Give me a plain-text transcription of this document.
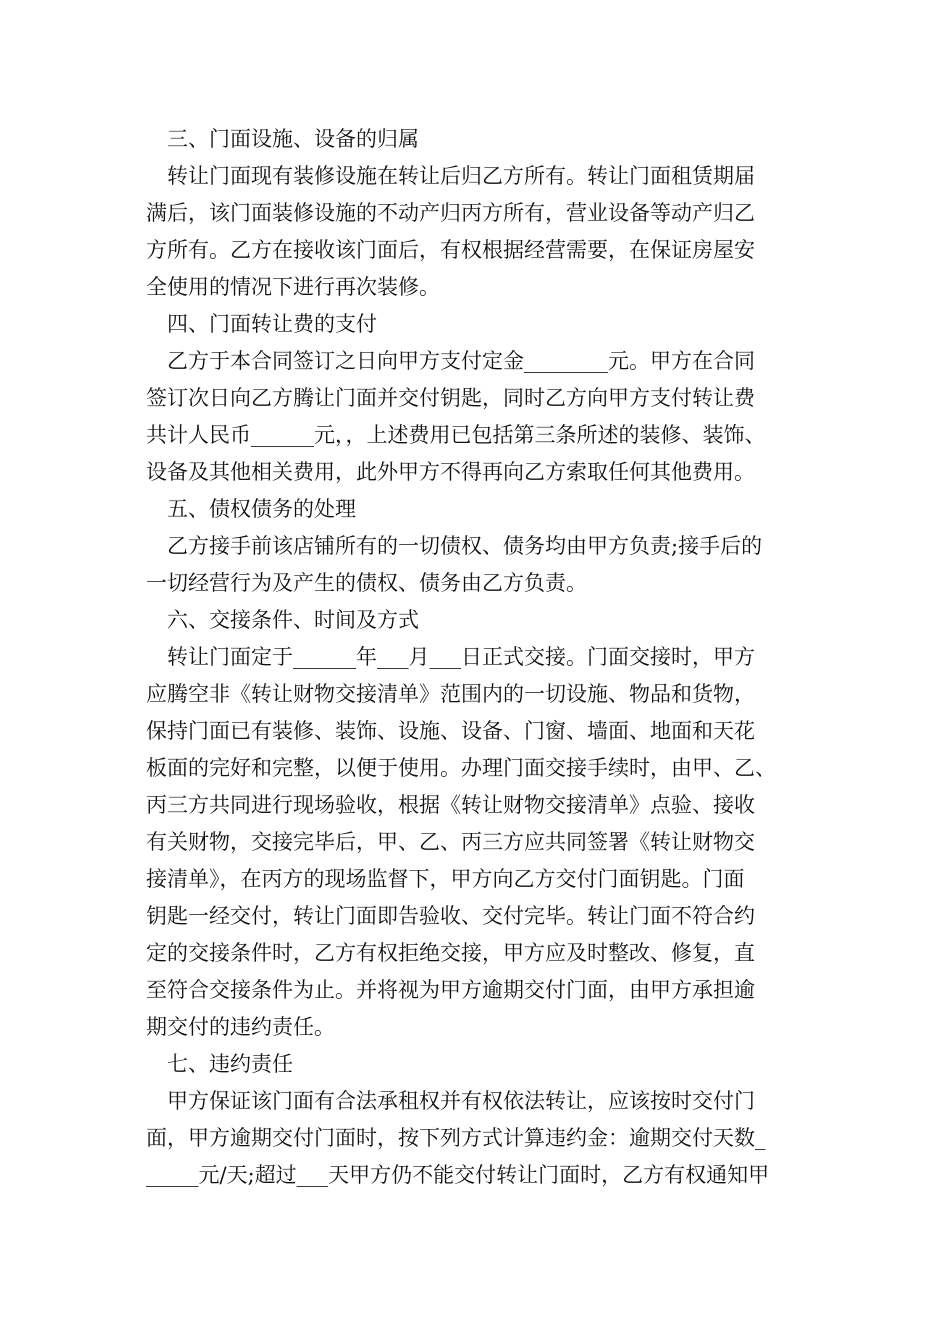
三、门面设施、设备的归属
转让门面现有装修设施在转让后归乙方所有。转让门面租赁期届
满后，该门面装修设施的不动产归丙方所有，营业设备等动产归乙
方所有。乙方在接收该门面后，有权根据经营需要，在保证房屋安
全使用的情况下进行再次装修。
四、门面转让费的支付
乙方于本合同签订之日向甲方支付定金________元。甲方在合同
签订次日向乙方腾让门面并交付钥匙，同时乙方向甲方支付转让费
共计人民币______元，，上述费用已包括第三条所述的装修、装饰、
设备及其他相关费用，此外甲方不得再向乙方索取任何其他费用。
五、债权债务的处理
乙方接手前该店铺所有的一切债权、债务均由甲方负责;接手后的
一切经营行为及产生的债权、债务由乙方负责。
六、交接条件、时间及方式
转让门面定于______年___月___日正式交接。门面交接时，甲方
应腾空非《转让财物交接清单》范围内的一切设施、物品和货物，
保持门面已有装修、装饰、设施、设备、门窗、墙面、地面和天花
板面的完好和完整，以便于使用。办理门面交接手续时，由甲、乙、
丙三方共同进行现场验收，根据《转让财物交接清单》点验、接收
有关财物，交接完毕后，甲、乙、丙三方应共同签署《转让财物交
接清单》，在丙方的现场监督下，甲方向乙方交付门面钥匙。门面
钥匙一经交付，转让门面即告验收、交付完毕。转让门面不符合约
定的交接条件时，乙方有权拒绝交接，甲方应及时整改、修复，直
至符合交接条件为止。并将视为甲方逾期交付门面，由甲方承担逾
期交付的违约责任。
七、违约责任
甲方保证该门面有合法承租权并有权依法转让，应该按时交付门
面，甲方逾期交付门面时，按下列方式计算违约金：逾期交付天数_
_____元/天;超过___天甲方仍不能交付转让门面时，乙方有权通知甲
